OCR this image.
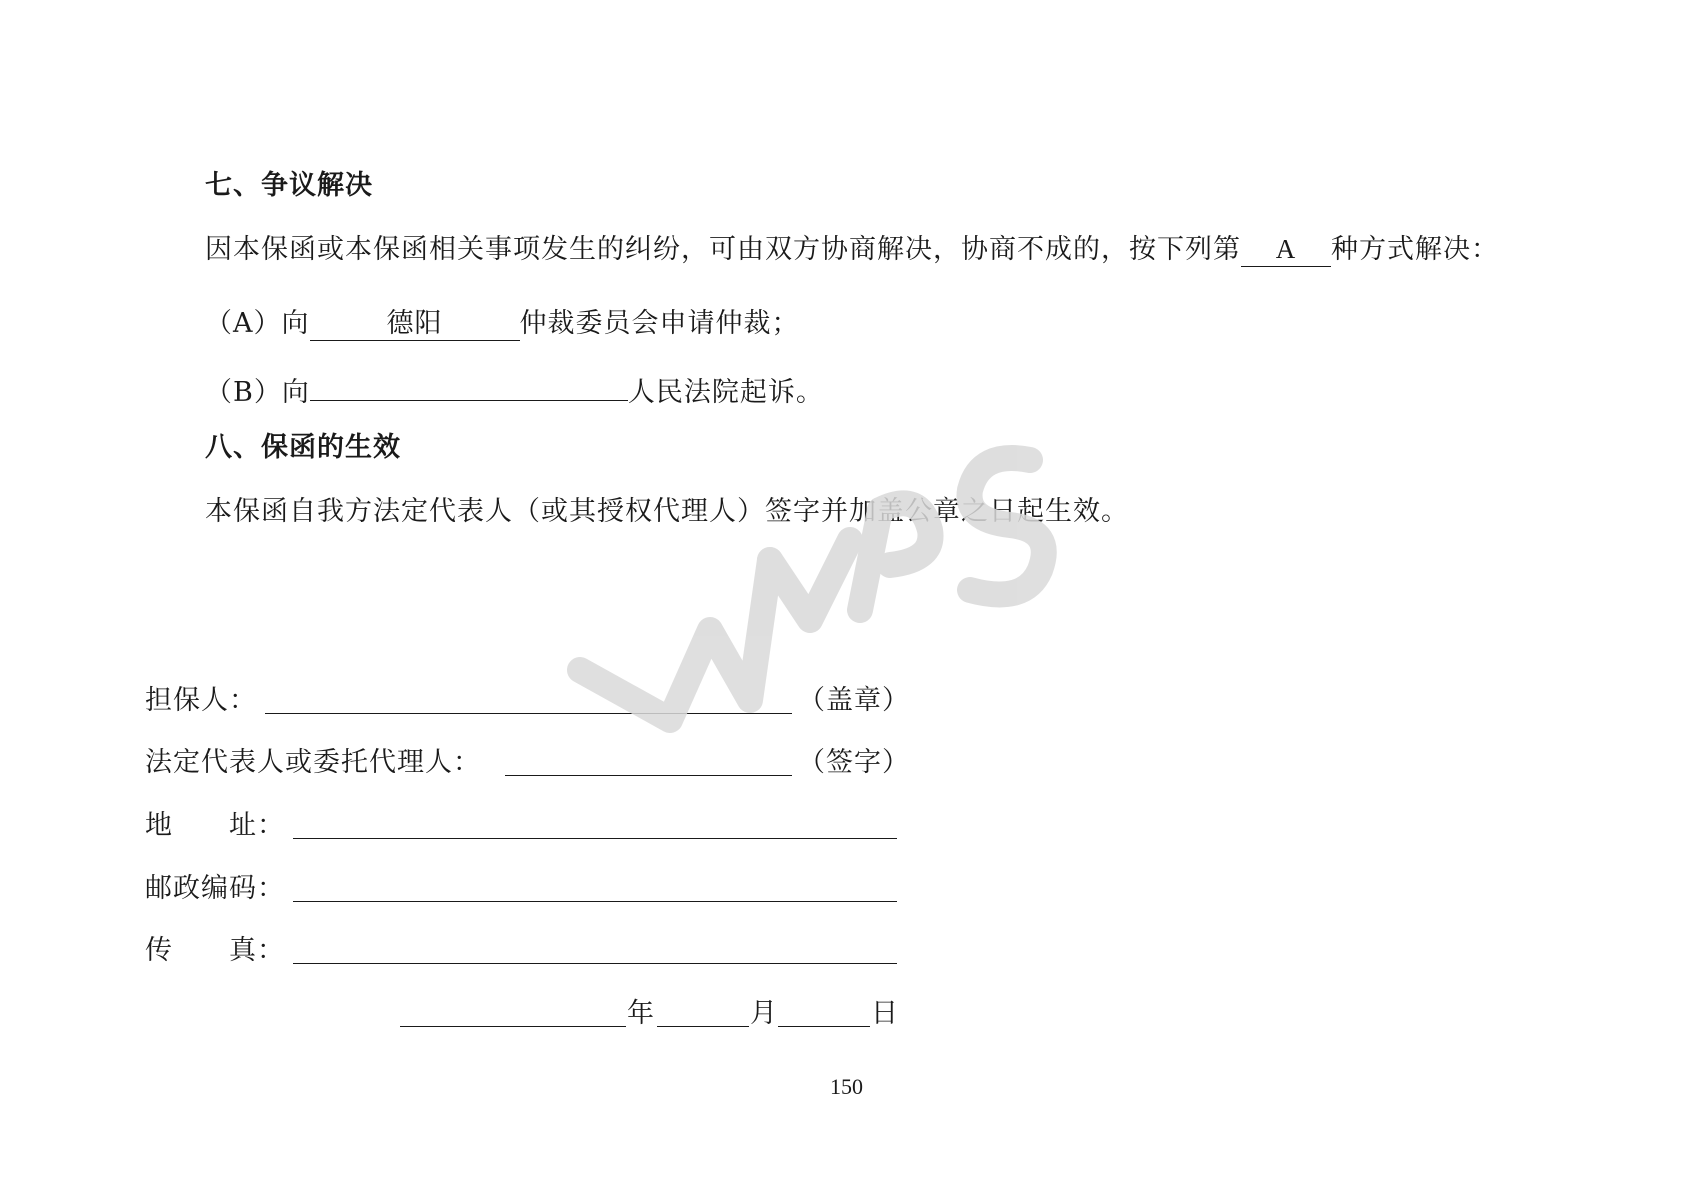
七、争议解决
因本保函或本保函相关事项发生的纠纷，可由双方协商解决，协商不成的，按下列第 A 种方式解决：
（A）向	德阳	仲裁委员会申请仲裁；
（B）向	人民法院起诉。
八、保函的生效
本保函自我方法定代表人（或其授权代理人）签字并加盖公章之日起生效。
担保人：	（盖章）
法定代表人或委托代理人：	（签字）
地　　址：
邮政编码：
传　　真：
年	月	日
150
